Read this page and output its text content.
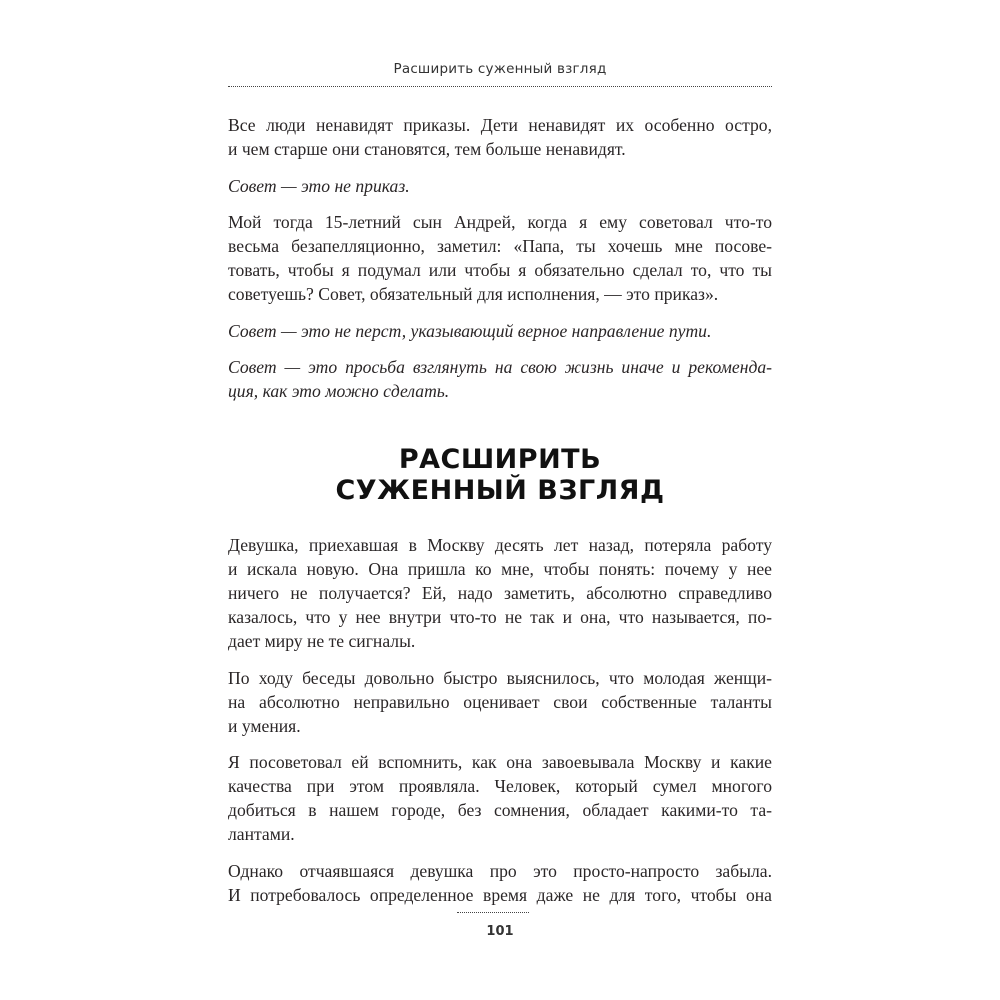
Расширить суженный взгляд
Все люди ненавидят приказы. Дети ненавидят их особенно остро,
и чем старше они становятся, тем больше ненавидят.
Совет — это не приказ.
Мой тогда 15-летний сын Андрей, когда я ему советовал что-то
весьма безапелляционно, заметил: «Папа, ты хочешь мне посове-
товать, чтобы я подумал или чтобы я обязательно сделал то, что ты
советуешь? Совет, обязательный для исполнения, — это приказ».
Совет — это не перст, указывающий верное направление пути.
Совет — это просьба взглянуть на свою жизнь иначе и рекоменда-
ция, как это можно сделать.
РАСШИРИТЬ
СУЖЕННЫЙ ВЗГЛЯД
Девушка, приехавшая в Москву десять лет назад, потеряла работу
и искала новую. Она пришла ко мне, чтобы понять: почему у нее
ничего не получается? Ей, надо заметить, абсолютно справедливо
казалось, что у нее внутри что-то не так и она, что называется, по-
дает миру не те сигналы.
По ходу беседы довольно быстро выяснилось, что молодая женщи-
на абсолютно неправильно оценивает свои собственные таланты
и умения.
Я посоветовал ей вспомнить, как она завоевывала Москву и какие
качества при этом проявляла. Человек, который сумел многого
добиться в нашем городе, без сомнения, обладает какими-то та-
лантами.
Однако отчаявшаяся девушка про это просто-напросто забыла.
И потребовалось определенное время даже не для того, чтобы она
101
